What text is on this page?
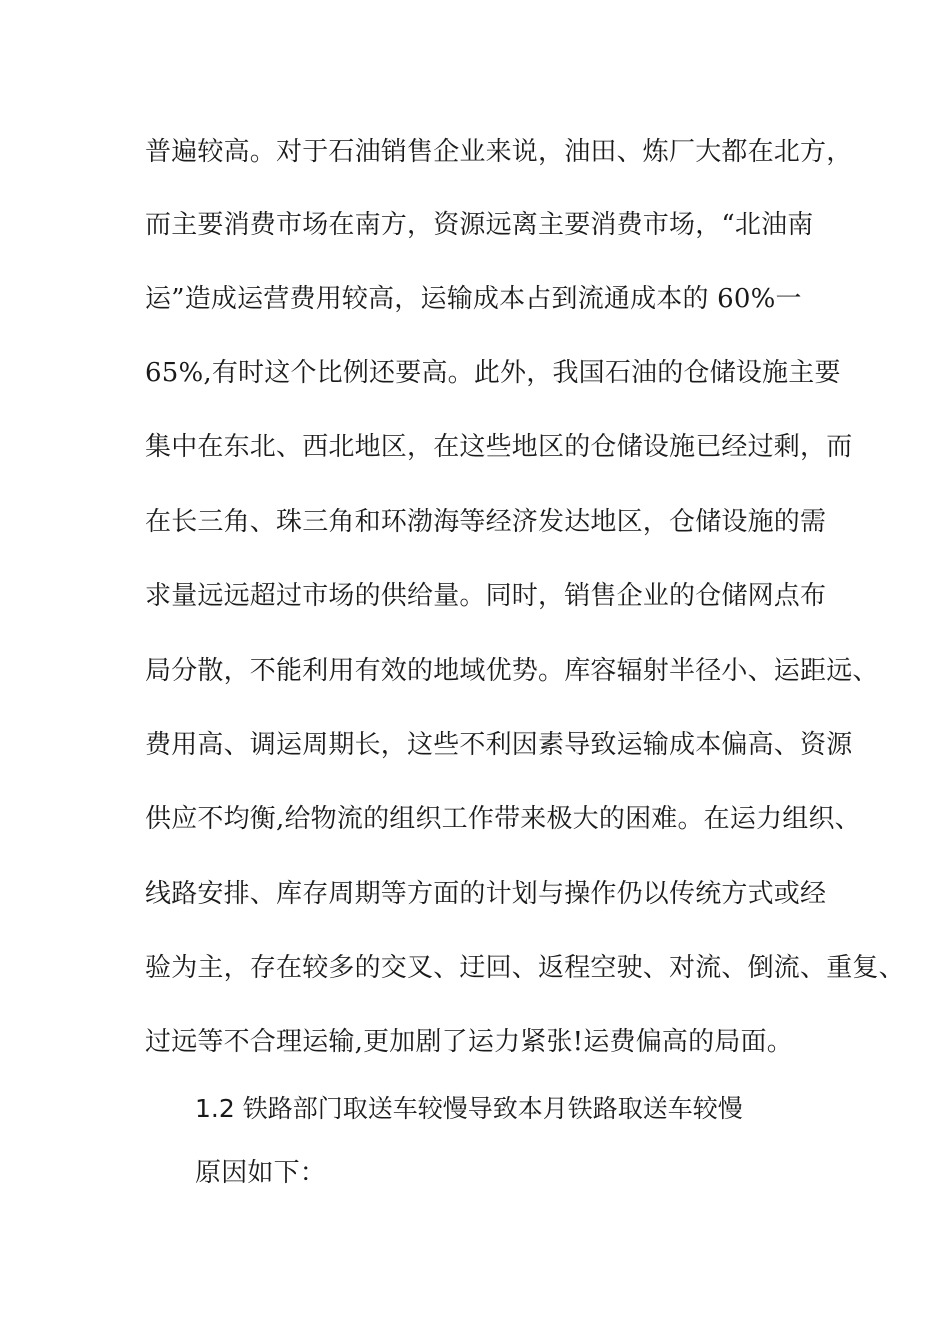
普遍较高。对于石油销售企业来说，油田、炼厂大都在北方，
而主要消费市场在南方，资源远离主要消费市场，“北油南
运”造成运营费用较高，运输成本占到流通成本的 60%一
65%,有时这个比例还要高。此外，我国石油的仓储设施主要
集中在东北、西北地区，在这些地区的仓储设施已经过剩，而
在长三角、珠三角和环渤海等经济发达地区，仓储设施的需
求量远远超过市场的供给量。同时，销售企业的仓储网点布
局分散，不能利用有效的地域优势。库容辐射半径小、运距远、
费用高、调运周期长，这些不利因素导致运输成本偏高、资源
供应不均衡,给物流的组织工作带来极大的困难。在运力组织、
线路安排、库存周期等方面的计划与操作仍以传统方式或经
验为主，存在较多的交叉、迂回、返程空驶、对流、倒流、重复、
过远等不合理运输,更加剧了运力紧张!运费偏高的局面。
1.2 铁路部门取送车较慢导致本月铁路取送车较慢
原因如下：
